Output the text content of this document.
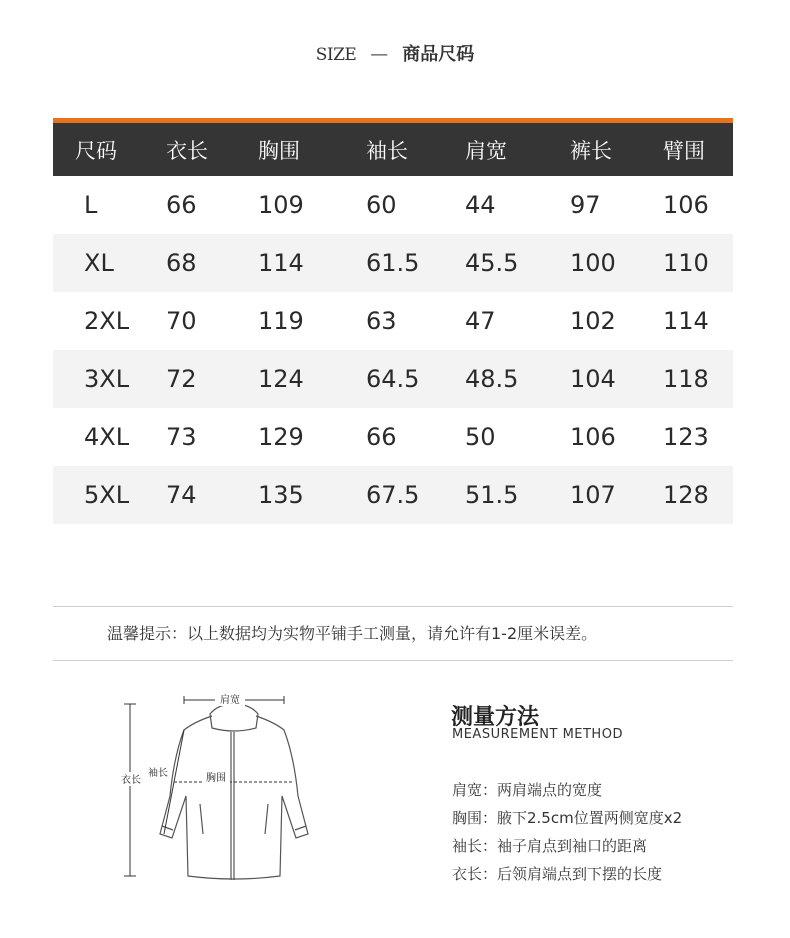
SIZE — 商品尺码
尺码 衣长 胸围	袖长	肩宽	裤长 臂围
L	66	109	60	44	97	106
XL 68	114	61.5 45.5 100 110
2XL 70	119	63	47	102 114
3XL 72	124	64.5 48.5 104 118
4XL 73	129	66	50	106 123
5XL 74	135	67.5 51.5 107 128
温馨提示：以上数据均为实物平铺手工测量，请允许有1-2厘米误差。
肩宽
衣长
袖长	胸围
测量方法
MEASUREMENT METHOD
肩宽：两肩端点的宽度
胸围：腋下2.5cm位置两侧宽度x2
袖长：袖子肩点到袖口的距离
衣长：后领肩端点到下摆的长度
